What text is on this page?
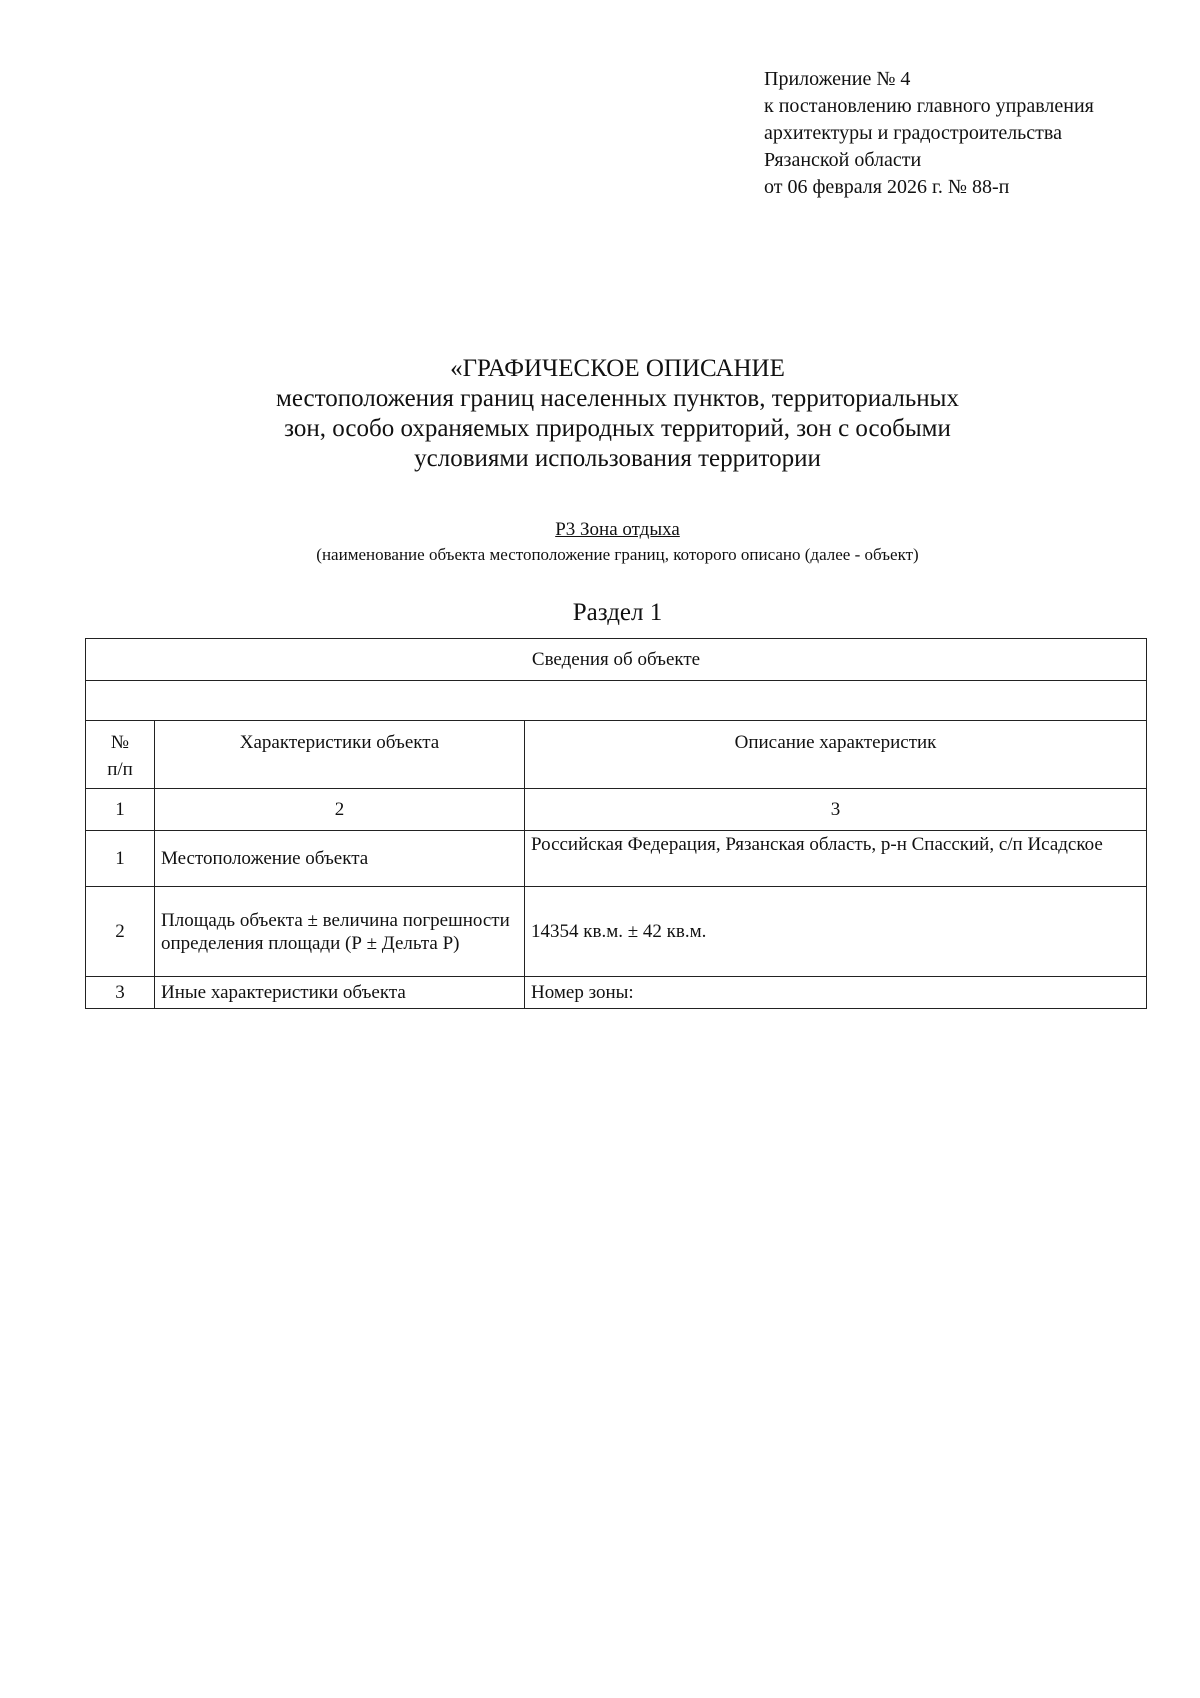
Приложение № 4
к постановлению главного управления
архитектуры и градостроительства
Рязанской области
от 06 февраля 2026 г. № 88-п
«ГРАФИЧЕСКОЕ ОПИСАНИЕ
местоположения границ населенных пунктов, территориальных
зон, особо охраняемых природных территорий, зон с особыми
условиями использования территории
Р3 Зона отдыха
(наименование объекта местоположение границ, которого описано (далее - объект)
Раздел 1
Сведения об объекте		

№
п/п	Характеристики объекта	Описание характеристик
1	2	3
1	Местоположение объекта	Российская Федерация, Рязанская область, р-н Спасский, с/п Исадское
2	Площадь объекта ± величина погрешности определения площади (Р ± Дельта Р)	14354 кв.м. ± 42 кв.м.
3	Иные характеристики объекта	Номер зоны:
